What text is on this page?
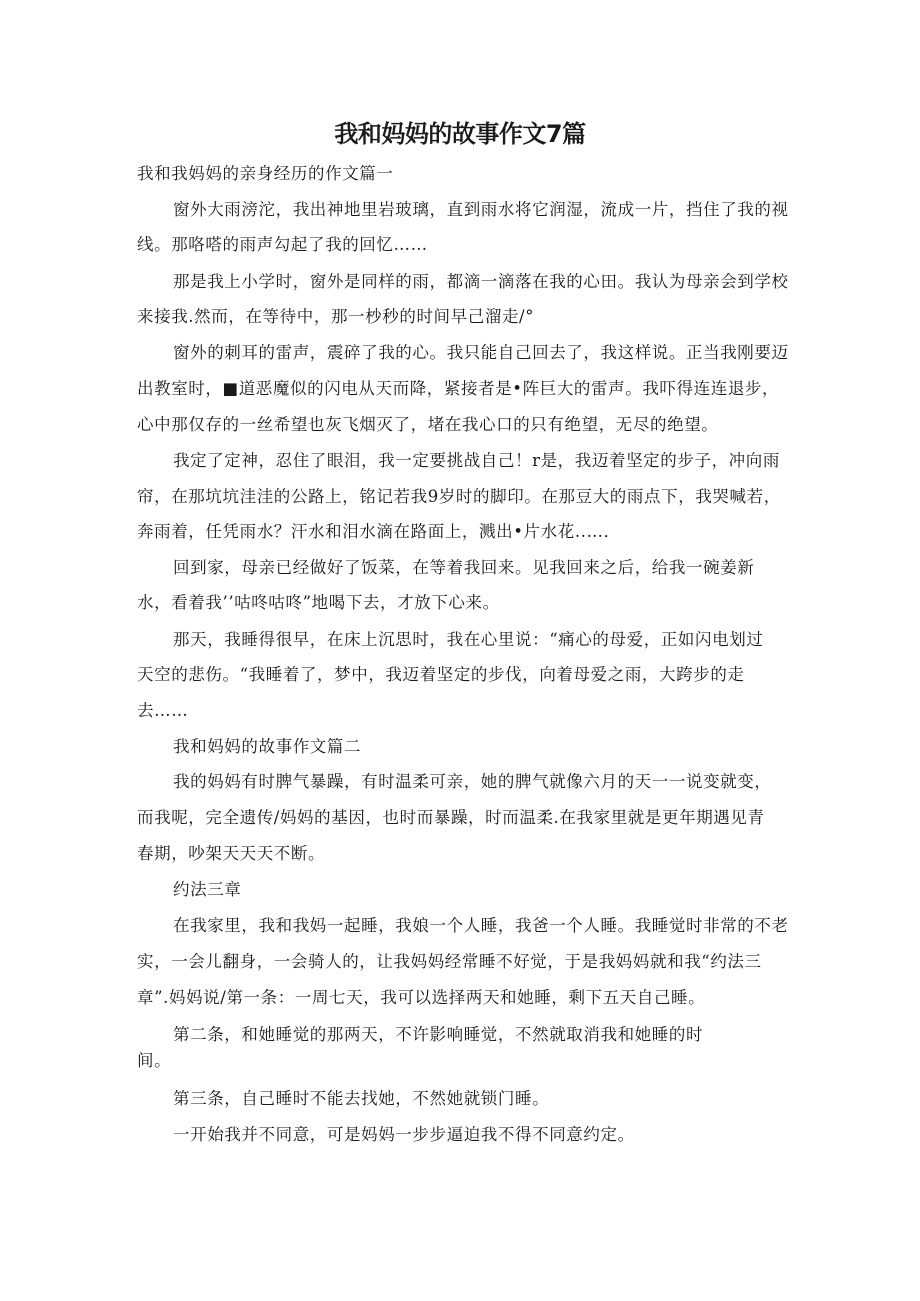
我和妈妈的故事作文7篇
我和我妈妈的亲身经历的作文篇一
窗外大雨滂沱，我出神地里岩玻璃，直到雨水将它润湿，流成一片，挡住了我的视
线。那咯嗒的雨声勾起了我的回忆……
那是我上小学时，窗外是同样的雨，都滴一滴落在我的心田。我认为母亲会到学校
来接我.然而，在等待中，那一杪秒的时间早己溜走/°
窗外的刺耳的雷声，震碎了我的心。我只能自己回去了，我这样说。正当我刚要迈
出教室时，■道恶魔似的闪电从天而降，紧接者是•阵巨大的雷声。我吓得连连退步，
心中那仅存的一丝希望也灰飞烟灭了，堵在我心口的只有绝望，无尽的绝望。
我定了定神，忍住了眼泪，我一定要挑战自己！r是，我迈着坚定的步子，冲向雨
帘，在那坑坑洼洼的公路上，铭记若我9岁时的脚印。在那豆大的雨点下，我哭喊若，
奔雨着，任凭雨水？汗水和泪水滴在路面上，溅出•片水花..…．
回到家，母亲已经做好了饭菜，在等着我回来。见我回来之后，给我一碗姜新
水，看着我’’咕咚咕咚”地喝下去，才放下心来。
那天，我睡得很早，在床上沉思时，我在心里说：“痛心的母爱，正如闪电划过
天空的悲伤。“我睡着了，梦中，我迈着坚定的步伐，向着母爱之雨，大跨步的走
去……
我和妈妈的故事作文篇二
我的妈妈有时脾气暴躁，有时温柔可亲，她的脾气就像六月的天一一说变就变，
而我呢，完全遗传/妈妈的基因，也时而暴躁，时而温柔.在我家里就是更年期遇见青
春期，吵架天天天不断。
约法三章
在我家里，我和我妈一起睡，我娘一个人睡，我爸一个人睡。我睡觉时非常的不老
实，一会儿翻身，一会骑人的，让我妈妈经常睡不好觉，于是我妈妈就和我“约法三
章”.妈妈说/第一条：一周七天，我可以选择两天和她睡，剩下五天自己睡。
第二条，和她睡觉的那两天，不许影响睡觉，不然就取消我和她睡的时
间。
第三条，自己睡时不能去找她，不然她就锁门睡。
一开始我并不同意，可是妈妈一步步逼迫我不得不同意约定。
